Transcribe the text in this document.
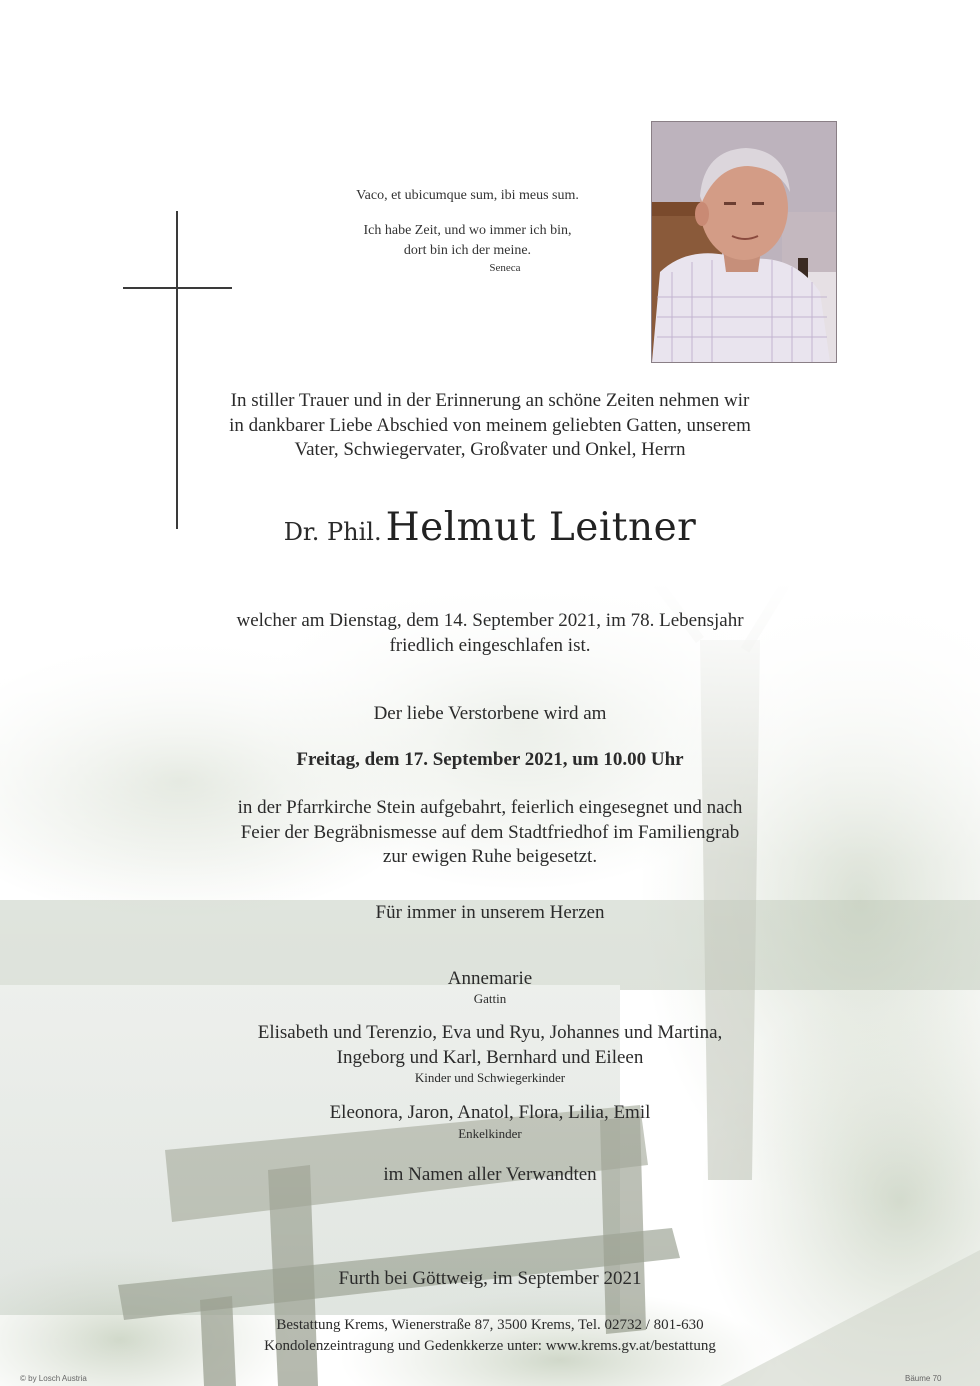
Vaco, et ubicumque sum, ibi meus sum.
Ich habe Zeit, und wo immer ich bin,
dort bin ich der meine.
Seneca
In stiller Trauer und in der Erinnerung an schöne Zeiten nehmen wir
in dankbarer Liebe Abschied von meinem geliebten Gatten, unserem
Vater, Schwiegervater, Großvater und Onkel, Herrn
Dr. Phil. Helmut Leitner
welcher am Dienstag, dem 14. September 2021, im 78. Lebensjahr
friedlich eingeschlafen ist.
Der liebe Verstorbene wird am
Freitag, dem 17. September 2021, um 10.00 Uhr
in der Pfarrkirche Stein aufgebahrt, feierlich eingesegnet und nach
Feier der Begräbnismesse auf dem Stadtfriedhof im Familiengrab
zur ewigen Ruhe beigesetzt.
Für immer in unserem Herzen
Annemarie
Gattin
Elisabeth und Terenzio, Eva und Ryu, Johannes und Martina,
Ingeborg und Karl, Bernhard und Eileen
Kinder und Schwiegerkinder
Eleonora, Jaron, Anatol, Flora, Lilia, Emil
Enkelkinder
im Namen aller Verwandten
Furth bei Göttweig, im September 2021
Bestattung Krems, Wienerstraße 87, 3500 Krems, Tel. 02732 / 801-630
Kondolenzeintragung und Gedenkkerze unter: www.krems.gv.at/bestattung
© by Losch Austria	Bäume 70
